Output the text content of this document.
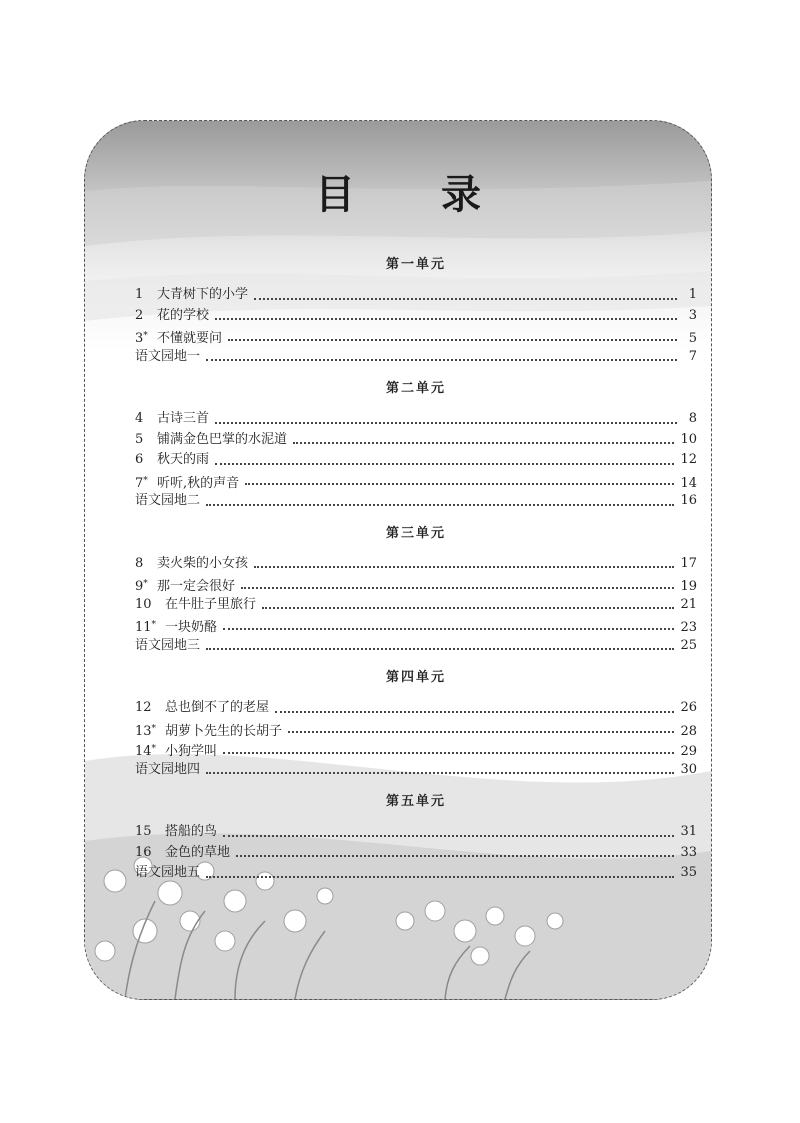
目 录
第一单元
1	大青树下的小学	1
2	花的学校	3
3* 不懂就要问	5
语文园地一	7
第二单元
4	古诗三首	8
5	铺满金色巴掌的水泥道	10
6	秋天的雨	12
7* 听听,秋的声音	14
语文园地二	16
第三单元
8	卖火柴的小女孩	17
9* 那一定会很好	19
10	在牛肚子里旅行	21
11* 一块奶酪	23
语文园地三	25
第四单元
12	总也倒不了的老屋	26
13* 胡萝卜先生的长胡子	28
14* 小狗学叫	29
语文园地四	30
第五单元
15	搭船的鸟	31
16	金色的草地	33
语文园地五	35
